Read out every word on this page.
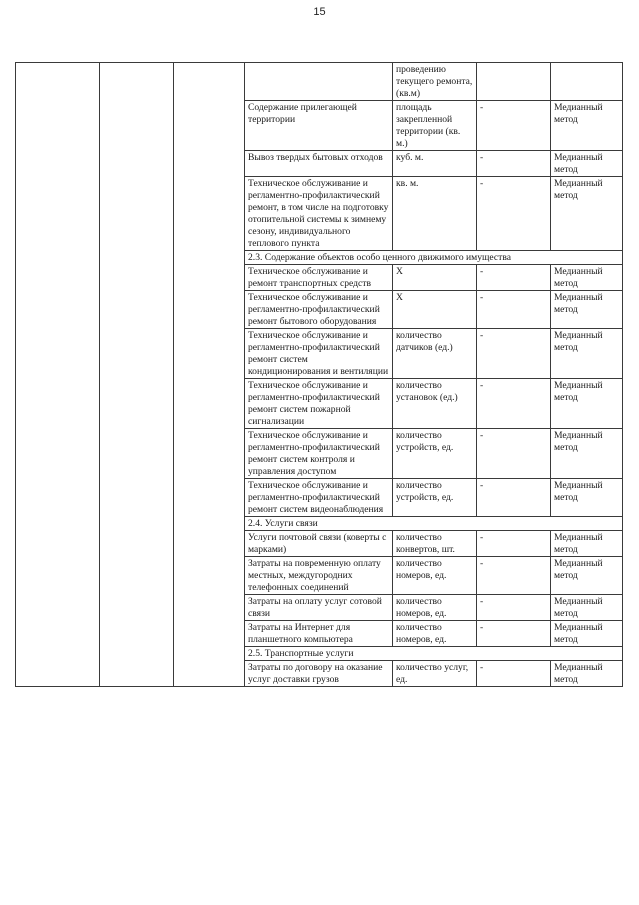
15
				проведению текущего ремонта, (кв.м)		
			Содержание прилегающей территории	площадь закрепленной территории (кв. м.)	-	Медианный метод
			Вывоз твердых бытовых отходов	куб. м.	-	Медианный метод
			Техническое обслуживание и регламентно-профилактический ремонт, в том числе на подготовку отопительной системы к зимнему сезону, индивидуального теплового пункта	кв. м.	-	Медианный метод
			2.3. Содержание объектов особо ценного движимого имущества			
			Техническое обслуживание и ремонт транспортных средств	Х	-	Медианный метод
			Техническое обслуживание и регламентно-профилактический ремонт бытового оборудования	Х	-	Медианный метод
			Техническое обслуживание и регламентно-профилактический ремонт систем кондиционирования и вентиляции	количество датчиков (ед.)	-	Медианный метод
			Техническое обслуживание и регламентно-профилактический ремонт систем пожарной сигнализации	количество установок (ед.)	-	Медианный метод
			Техническое обслуживание и регламентно-профилактический ремонт систем контроля и управления доступом	количество устройств, ед.	-	Медианный метод
			Техническое обслуживание и регламентно-профилактический ремонт систем видеонаблюдения	количество устройств, ед.	-	Медианный метод
			2.4. Услуги связи			
			Услуги почтовой связи (коверты с марками)	количество конвертов, шт.	-	Медианный метод
			Затраты на повременную оплату местных, междугородних телефонных соединений	количество номеров, ед.	-	Медианный метод
			Затраты на оплату услуг сотовой связи	количество номеров, ед.	-	Медианный метод
			Затраты на Интернет для планшетного компьютера	количество номеров, ед.	-	Медианный метод
			2.5. Транспортные услуги			
			Затраты по договору на оказание услуг доставки грузов	количество услуг, ед.	-	Медианный метод
